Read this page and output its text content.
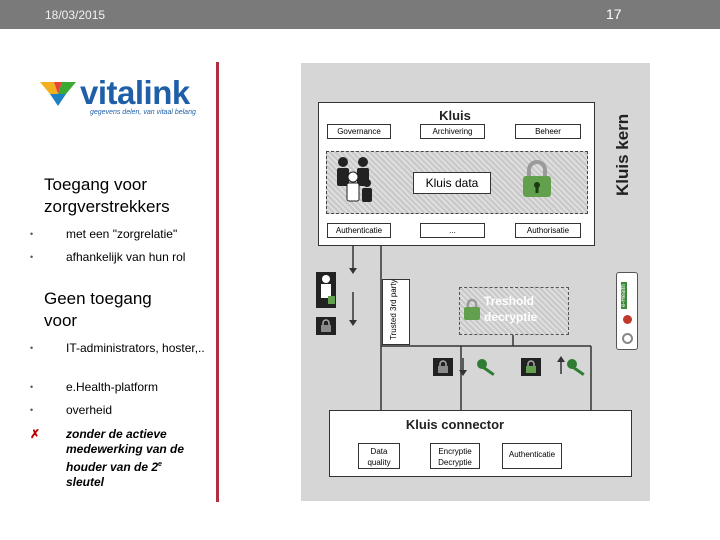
18/03/2015	17
vitalink
gegevens delen, van vitaal belang
Toegang voor
zorgverstrekkers
•	met een "zorgrelatie"
•	afhankelijk van hun rol
Geen toegang
voor
•	IT-administrators, hoster,..
•	e.Health-platform
•	overheid
✗ zonder de actieve medewerking van de houder van de 2e sleutel
Kluis kern
Kluis
Governance	Archivering	Beheer
Kluis data
Authenticatie	...	Authorisatie
Trusted 3rd party	Treshold decryptie
Kluis connector
Data quality
Encryptie Decryptie
Authenticatie
e-Health
